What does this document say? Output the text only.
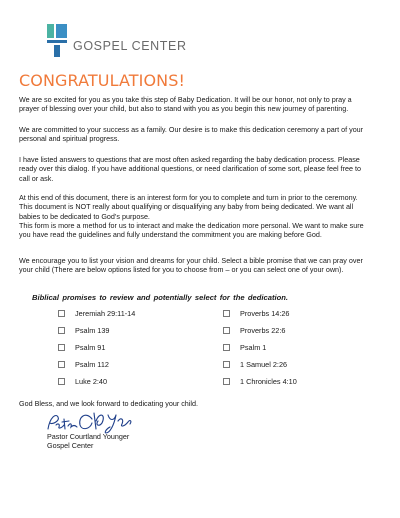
GOSPEL CENTER
CONGRATULATIONS!

We are so excited for you as you take this step of Baby Dedication. It will be our honor, not only to pray a prayer of blessing over your child, but also to stand with you as you begin this new journey of parenting.

We are committed to your success as a family. Our desire is to make this dedication ceremony a part of your personal and spiritual progress.

I have listed answers to questions that are most often asked regarding the baby dedication process. Please ready over this dialog. If you have additional questions, or need clarification of some sort, please feel free to call or ask.

At this end of this document, there is an interest form for you to complete and turn in prior to the ceremony. This document is NOT really about qualifying or disqualifying any baby from being dedicated. We want all babies to be dedicated to God’s purpose.

This form is more a method for us to interact and make the dedication more personal. We want to make sure you have read the guidelines and fully understand the commitment you are making before God.

We encourage you to list your vision and dreams for your child. Select a bible promise that we can pray over your child (There are below options listed for you to choose from – or you can select one of your own).

Biblical promises to review and potentially select for the dedication.
Jeremiah 29:11-14
Psalm 139
Psalm 91
Psalm 112
Luke 2:40
Proverbs 14:26
Proverbs 22:6
Psalm 1
1 Samuel 2:26
1 Chronicles 4:10
God Bless, and we look forward to dedicating your child.
Pastor Courtland Younger
Gospel Center
